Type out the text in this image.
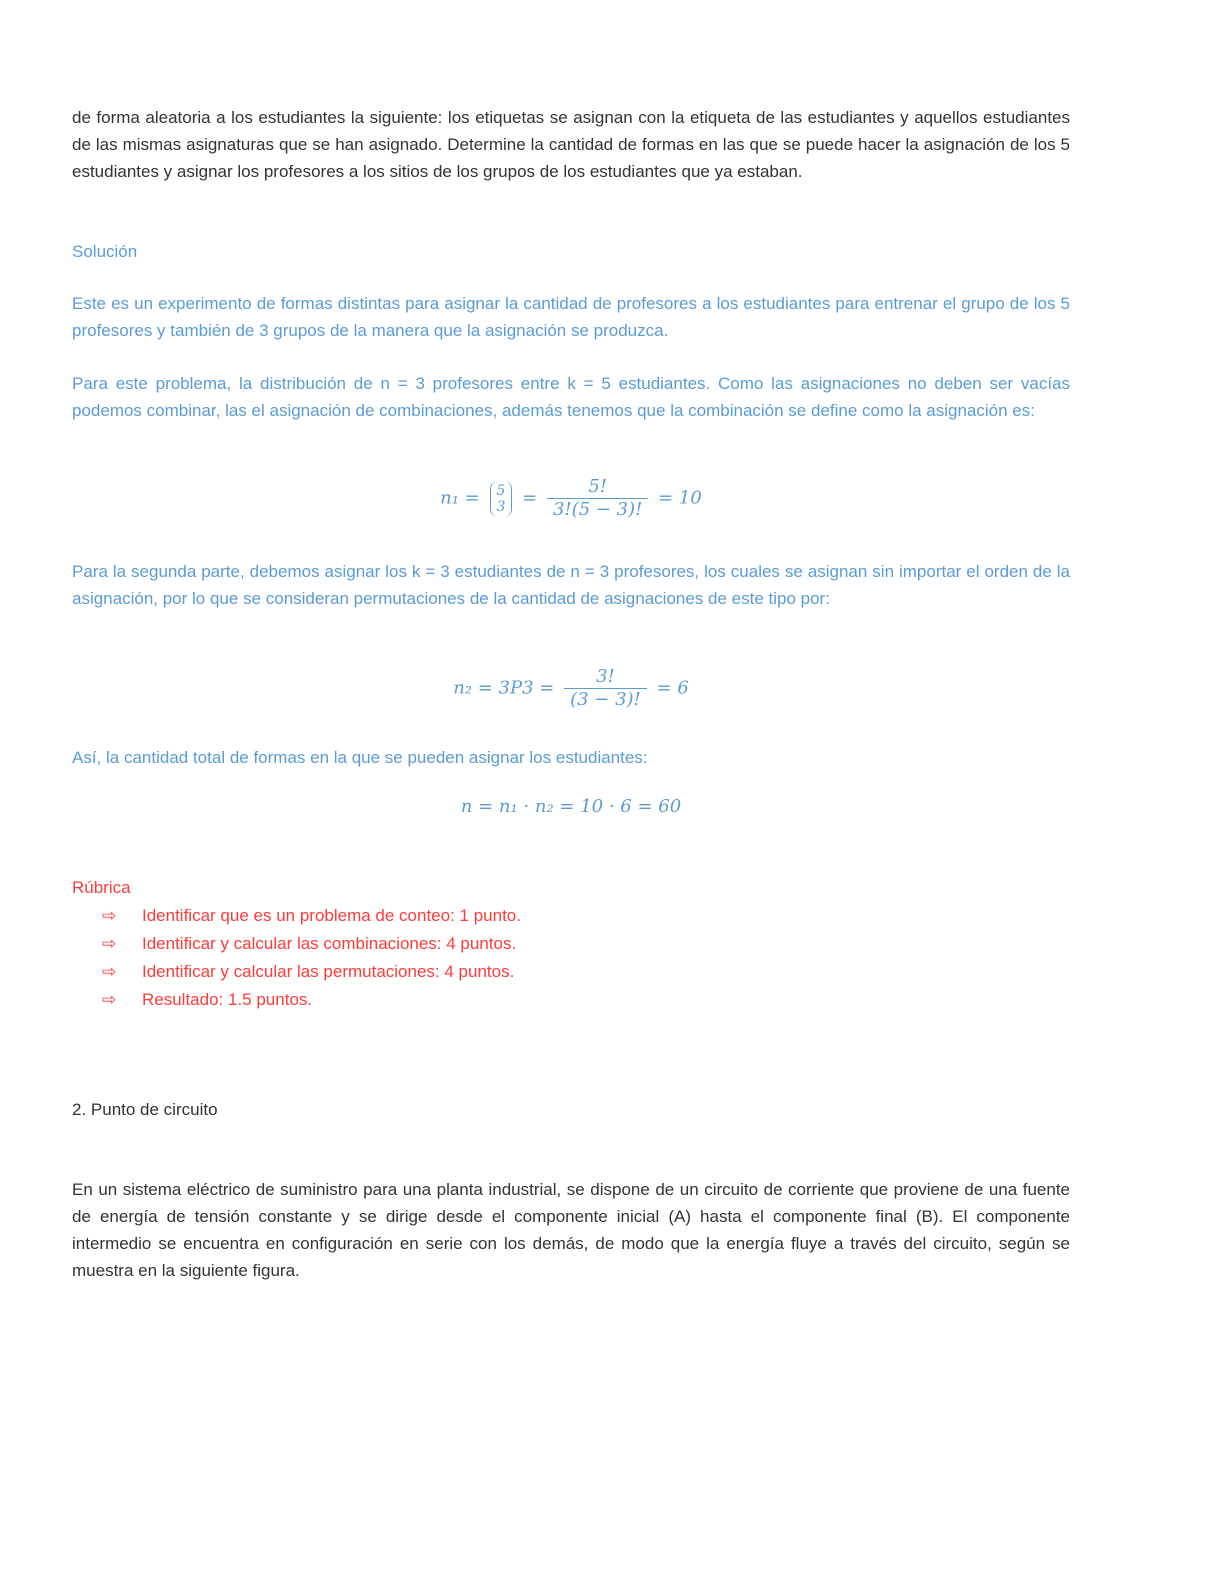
de forma aleatoria a los estudiantes la siguiente: los etiquetas se asignan con la etiqueta de las estudiantes y aquellos estudiantes de las mismas asignaturas que se han asignado. Determine la cantidad de formas en las que se puede hacer la asignación de los 5 estudiantes y asignar los profesores a los sitios de los grupos de los estudiantes que ya estaban.

Solución

Este es un experimento de formas distintas para asignar la cantidad de profesores a los estudiantes para entrenar el grupo de los 5 profesores y también de 3 grupos de la manera que la asignación se produzca.

Para este problema, la distribución de n = 3 profesores entre k = 5 estudiantes. Como las asignaciones no deben ser vacías podemos combinar, las el asignación de combinaciones, además tenemos que la combinación se define como la asignación es:

n₁ = 5
$3 = \frac{5!}{3!(5 - 3)!} = 10$

Para la segunda parte, debemos asignar los k = 3 estudiantes de n = 3 profesores, los cuales se asignan sin importar el orden de la asignación, por lo que se consideran permutaciones de la cantidad de asignaciones de este tipo por:

$n_2 = 3P3 = \frac{3!}{(3 - 3)!} = 6$

Así, la cantidad total de formas en la que se pueden asignar los estudiantes:

n = n₁ · n₂ = 10 · 6 = 60

Rúbrica

⇨ Identificar que es un problema de conteo: 1 punto.
⇨ Identificar y calcular las combinaciones: 4 puntos.
⇨ Identificar y calcular las permutaciones: 4 puntos.
⇨ Resultado: 1.5 puntos.

2. Punto de circuito

En un sistema eléctrico de suministro para una planta industrial, se dispone de un circuito de corriente que proviene de una fuente de energía de tensión constante y se dirige desde el componente inicial (A) hasta el componente final (B). El componente intermedio se encuentra en configuración en serie con los demás, de modo que la energía fluye a través del circuito, según se muestra en la siguiente figura.
